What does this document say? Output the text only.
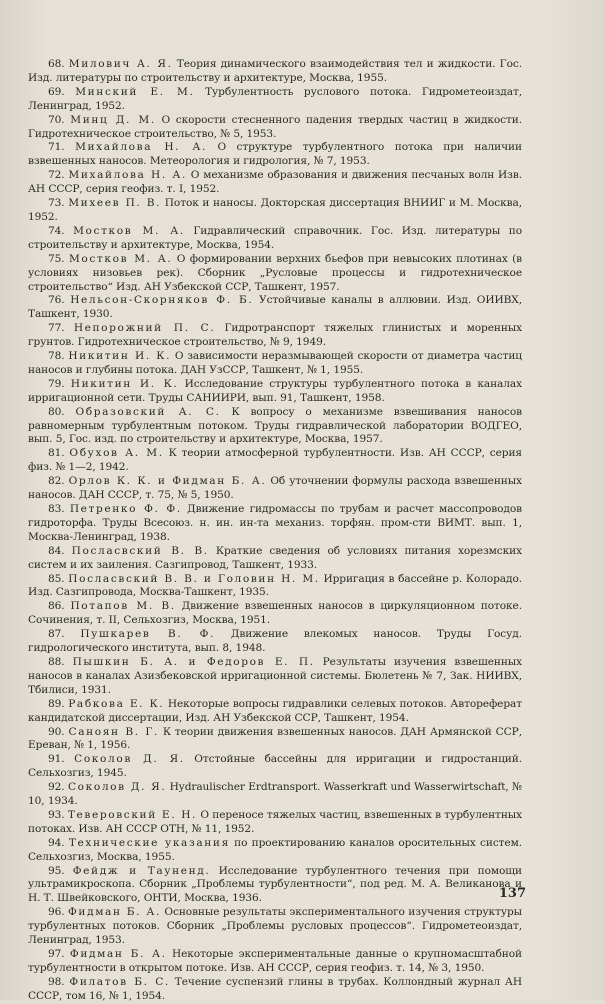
68. Милович А. Я. Теория динамического взаимодействия тел и жидкости. Гос. Изд. литературы по строительству и архитектуре, Москва, 1955.

69. Минский Е. М. Турбулентность руслового потока. Гидрометеоиздат, Ленинград, 1952.

70. Минц Д. М. О скорости стесненного падения твердых частиц в жидкости. Гидротехническое строительство, № 5, 1953.

71. Михайлова Н. А. О структуре турбулентного потока при наличии взвешенных наносов. Метеорология и гидрология, № 7, 1953.

72. Михайлова Н. А. О механизме образования и движения песчаных волн Изв. АН СССР, серия геофиз. т. I, 1952.

73. Михеев П. В. Поток и наносы. Докторская диссертация ВНИИГ и М. Москва, 1952.

74. Мостков М. А. Гидравлический справочник. Гос. Изд. литературы по строительству и архитектуре, Москва, 1954.

75. Мостков М. А. О формировании верхних бьефов при невысоких плотинах (в условиях низовьев рек). Сборник „Русловые процессы и гидротехническое строительство“ Изд. АН Узбекской ССР, Ташкент, 1957.

76. Нельсон-Скорняков Ф. Б. Устойчивые каналы в аллювии. Изд. ОИИВХ, Ташкент, 1930.

77. Непорожний П. С. Гидротранспорт тяжелых глинистых и моренных грунтов. Гидротехническое строительство, № 9, 1949.

78. Никитин И. К. О зависимости неразмывающей скорости от диаметра частиц наносов и глубины потока. ДАН УзССР, Ташкент, № 1, 1955.

79. Никитин И. К. Исследование структуры турбулентного потока в каналах ирригационной сети. Труды САНИИРИ, вып. 91, Ташкент, 1958.

80. Образовский А. С. К вопросу о механизме взвешивания наносов равномерным турбулентным потоком. Труды гидравлической лаборатории ВОДГЕО, вып. 5, Гос. изд. по строительству и архитектуре, Москва, 1957.

81. Обухов А. М. К теории атмосферной турбулентности. Изв. АН СССР, серия физ. № 1—2, 1942.

82. Орлов К. К. и Фидман Б. А. Об уточнении формулы расхода взвешенных наносов. ДАН СССР, т. 75, № 5, 1950.

83. Петренко Ф. Ф. Движение гидромассы по трубам и расчет массопроводов гидроторфа. Труды Всесоюз. н. ин. ин-та механиз. торфян. пром-сти ВИМТ. вып. 1, Москва-Ленинград, 1938.

84. Посласвский В. В. Краткие сведения об условиях питания хорезмских систем и их заиления. Сазгипровод, Ташкент, 1933.

85. Посласвский В. В. и Головин Н. М. Ирригация в бассейне р. Колорадо. Изд. Сазгипровода, Москва-Ташкент, 1935.

86. Потапов М. В. Движение взвешенных наносов в циркуляционном потоке. Сочинения, т. II, Сельхозгиз, Москва, 1951.

87. Пушкарев В. Ф. Движение влекомых наносов. Труды Госуд. гидрологического института, вып. 8, 1948.

88. Пышкин Б. А. и Федоров Е. П. Результаты изучения взвешенных наносов в каналах Азизбековской ирригационной системы. Бюлетень № 7, Зак. НИИВХ, Тбилиси, 1931.

89. Рабкова Е. К. Некоторые вопросы гидравлики селевых потоков. Автореферат кандидатской диссертации, Изд. АН Узбекской ССР, Ташкент, 1954.

90. Саноян В. Г. К теории движения взвешенных наносов. ДАН Армянской ССР, Ереван, № 1, 1956.

91. Соколов Д. Я. Отстойные бассейны для ирригации и гидростанций. Сельхозгиз, 1945.

92. Соколов Д. Я. Hydraulischer Erdtransport. Wasserkraft und Wasserwirtschaft, № 10, 1934.

93. Теверовский Е. Н. О переносе тяжелых частиц, взвешенных в турбулентных потоках. Изв. АН СССР ОТН, № 11, 1952.

94. Технические указания по проектированию каналов оросительных систем. Сельхозгиз, Москва, 1955.

95. Фейдж и Тауненд. Исследование турбулентного течения при помощи ультрамикроскопа. Сборник „Проблемы турбулентности“, под ред. М. А. Великанова и Н. Т. Швейковского, ОНТИ, Москва, 1936.

96. Фидман Б. А. Основные результаты экспериментального изучения структуры турбулентных потоков. Сборник „Проблемы русловых процессов“. Гидрометеоиздат, Ленинград, 1953.

97. Фидман Б. А. Некоторые экспериментальные данные о крупномасштабной турбулентности в открытом потоке. Изв. АН СССР, серия геофиз. т. 14, № 3, 1950.

98. Филатов Б. С. Течение суспензий глины в трубах. Коллондный журнал АН СССР, том 16, № 1, 1954.

137
